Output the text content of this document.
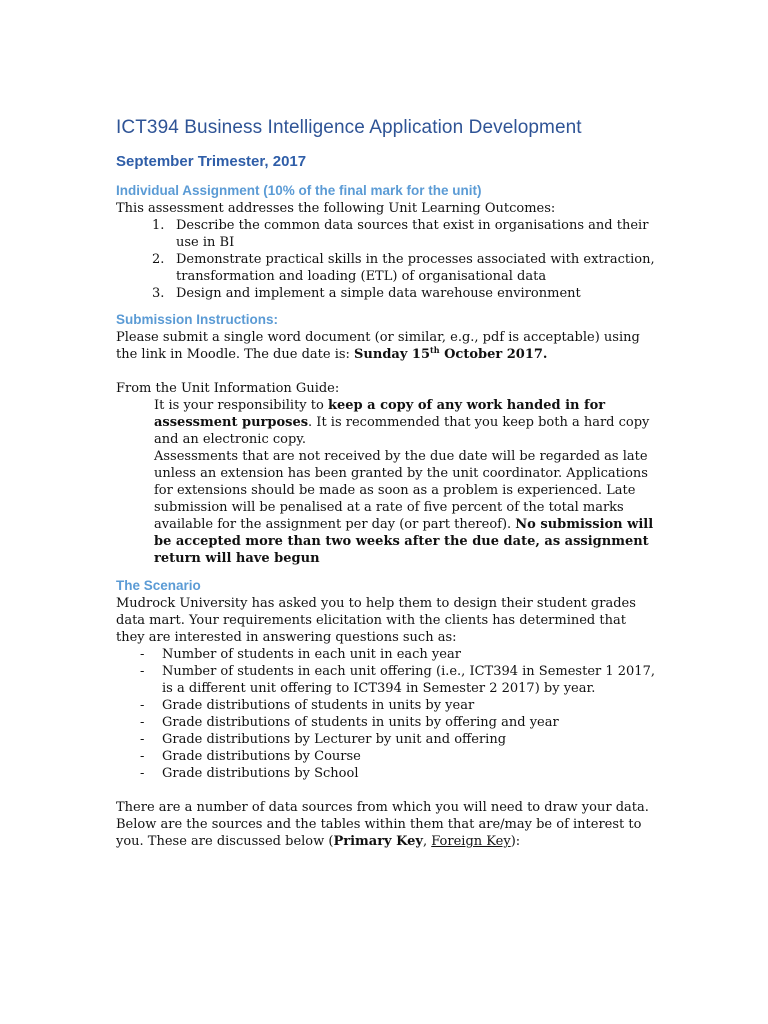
ICT394 Business Intelligence Application Development
September Trimester, 2017
Individual Assignment (10% of the final mark for the unit)

This assessment addresses the following Unit Learning Outcomes:

1. Describe the common data sources that exist in organisations and their use in BI
2. Demonstrate practical skills in the processes associated with extraction, transformation and loading (ETL) of organisational data
3. Design and implement a simple data warehouse environment
Submission Instructions:

Please submit a single word document (or similar, e.g., pdf is acceptable) using the link in Moodle. The due date is: Sunday 15th October 2017.

From the Unit Information Guide:

It is your responsibility to keep a copy of any work handed in for assessment purposes. It is recommended that you keep both a hard copy and an electronic copy.
Assessments that are not received by the due date will be regarded as late unless an extension has been granted by the unit coordinator. Applications for extensions should be made as soon as a problem is experienced. Late submission will be penalised at a rate of five percent of the total marks available for the assignment per day (or part thereof). No submission will be accepted more than two weeks after the due date, as assignment return will have begun
The Scenario

Mudrock University has asked you to help them to design their student grades data mart. Your requirements elicitation with the clients has determined that they are interested in answering questions such as:

- Number of students in each unit in each year
- Number of students in each unit offering (i.e., ICT394 in Semester 1 2017, is a different unit offering to ICT394 in Semester 2 2017) by year.
- Grade distributions of students in units by year
- Grade distributions of students in units by offering and year
- Grade distributions by Lecturer by unit and offering
- Grade distributions by Course
- Grade distributions by School

There are a number of data sources from which you will need to draw your data. Below are the sources and the tables within them that are/may be of interest to you. These are discussed below (Primary Key, Foreign Key):
